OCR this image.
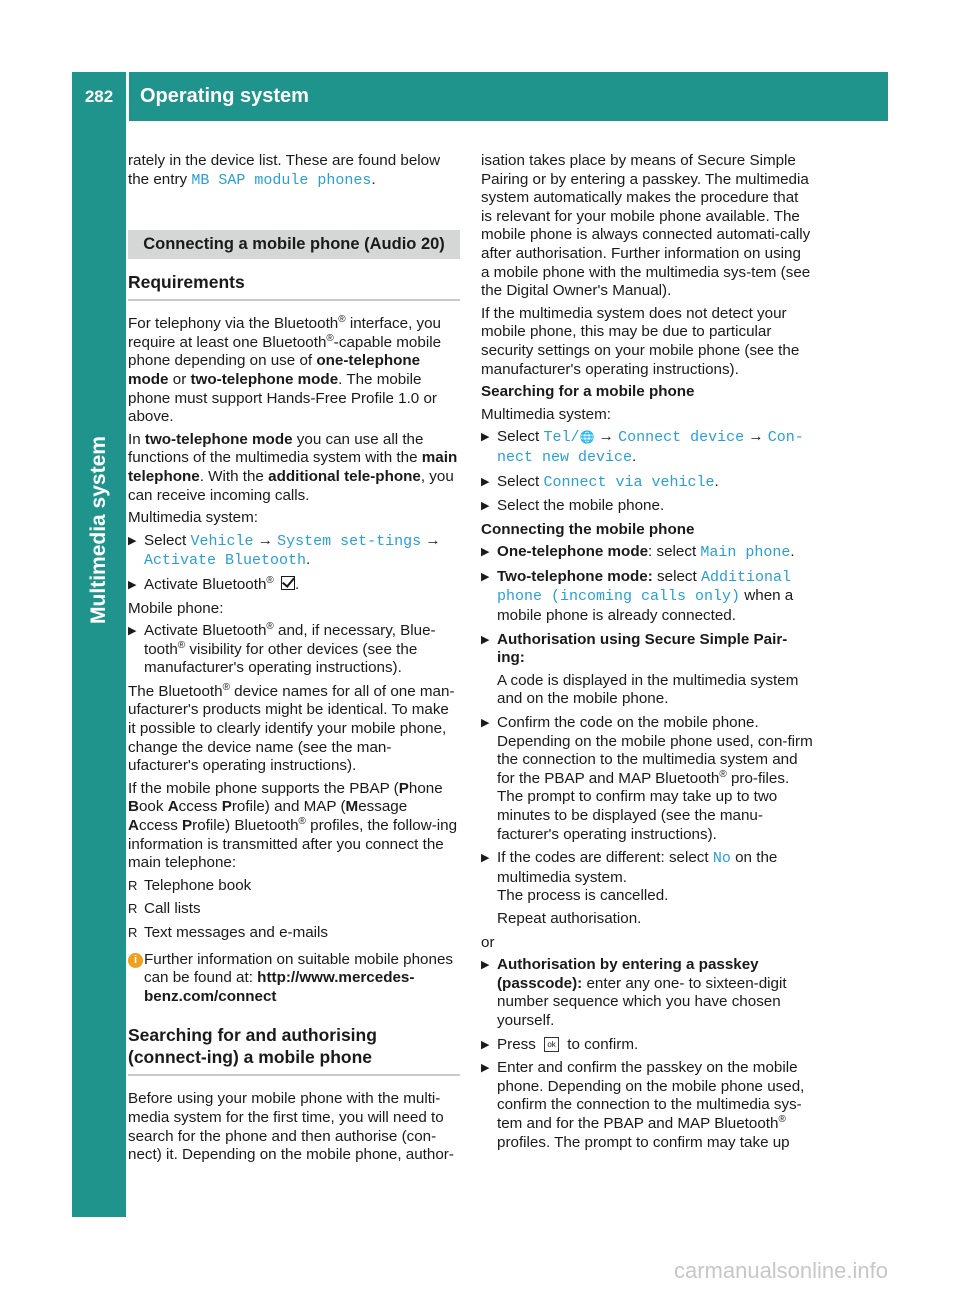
282	Operating system
Multimedia system

rately in the device list. These are found below the entry MB SAP module phones.

Connecting a mobile phone (Audio 20)
Requirements

For telephony via the Bluetooth® interface, you require at least one Bluetooth®-capable mobile phone depending on use of one-telephone mode or two-telephone mode. The mobile phone must support Hands-Free Profile 1.0 or above.

In two-telephone mode you can use all the functions of the multimedia system with the main telephone. With the additional tele-phone, you can receive incoming calls.

Multimedia system:

▶ Select Vehicle → System set-tings → Activate Bluetooth.
▶ Activate Bluetooth® .

Mobile phone:

▶ Activate Bluetooth® and, if necessary, Blue-tooth® visibility for other devices (see the manufacturer's operating instructions).

The Bluetooth® device names for all of one man-ufacturer's products might be identical. To make it possible to clearly identify your mobile phone, change the device name (see the man-ufacturer's operating instructions).

If the mobile phone supports the PBAP (Phone Book Access Profile) and MAP (Message Access Profile) Bluetooth® profiles, the follow-ing information is transmitted after you connect the main telephone:

R Telephone book
R Call lists
R Text messages and e-mails
i Further information on suitable mobile phones can be found at: http://www.mercedes-benz.com/connect
Searching for and authorising (connect-ing) a mobile phone

Before using your mobile phone with the multi-media system for the first time, you will need to search for the phone and then authorise (con-nect) it. Depending on the mobile phone, author-

isation takes place by means of Secure Simple Pairing or by entering a passkey. The multimedia system automatically makes the procedure that is relevant for your mobile phone available. The mobile phone is always connected automati-cally after authorisation. Further information on using a mobile phone with the multimedia sys-tem (see the Digital Owner's Manual).

If the multimedia system does not detect your mobile phone, this may be due to particular security settings on your mobile phone (see the manufacturer's operating instructions).

Searching for a mobile phone

Multimedia system:

▶ Select Tel/🌐 → Connect device → Con-nect new device.
▶ Select Connect via vehicle.
▶ Select the mobile phone.

Connecting the mobile phone

▶ One-telephone mode: select Main phone.
▶ Two-telephone mode: select Additional phone (incoming calls only) when a mobile phone is already connected.
▶ Authorisation using Secure Simple Pair-ing:

A code is displayed in the multimedia system and on the mobile phone.

▶ Confirm the code on the mobile phone. Depending on the mobile phone used, con-firm the connection to the multimedia system and for the PBAP and MAP Bluetooth® pro-files. The prompt to confirm may take up to two minutes to be displayed (see the manu-facturer's operating instructions).
▶ If the codes are different: select No on the multimedia system.
The process is cancelled.

Repeat authorisation.

or

▶ Authorisation by entering a passkey (passcode): enter any one- to sixteen-digit number sequence which you have chosen yourself.
▶ Press ok to confirm.
▶ Enter and confirm the passkey on the mobile phone. Depending on the mobile phone used, confirm the connection to the multimedia sys-tem and for the PBAP and MAP Bluetooth® profiles. The prompt to confirm may take up
carmanualsonline.info
